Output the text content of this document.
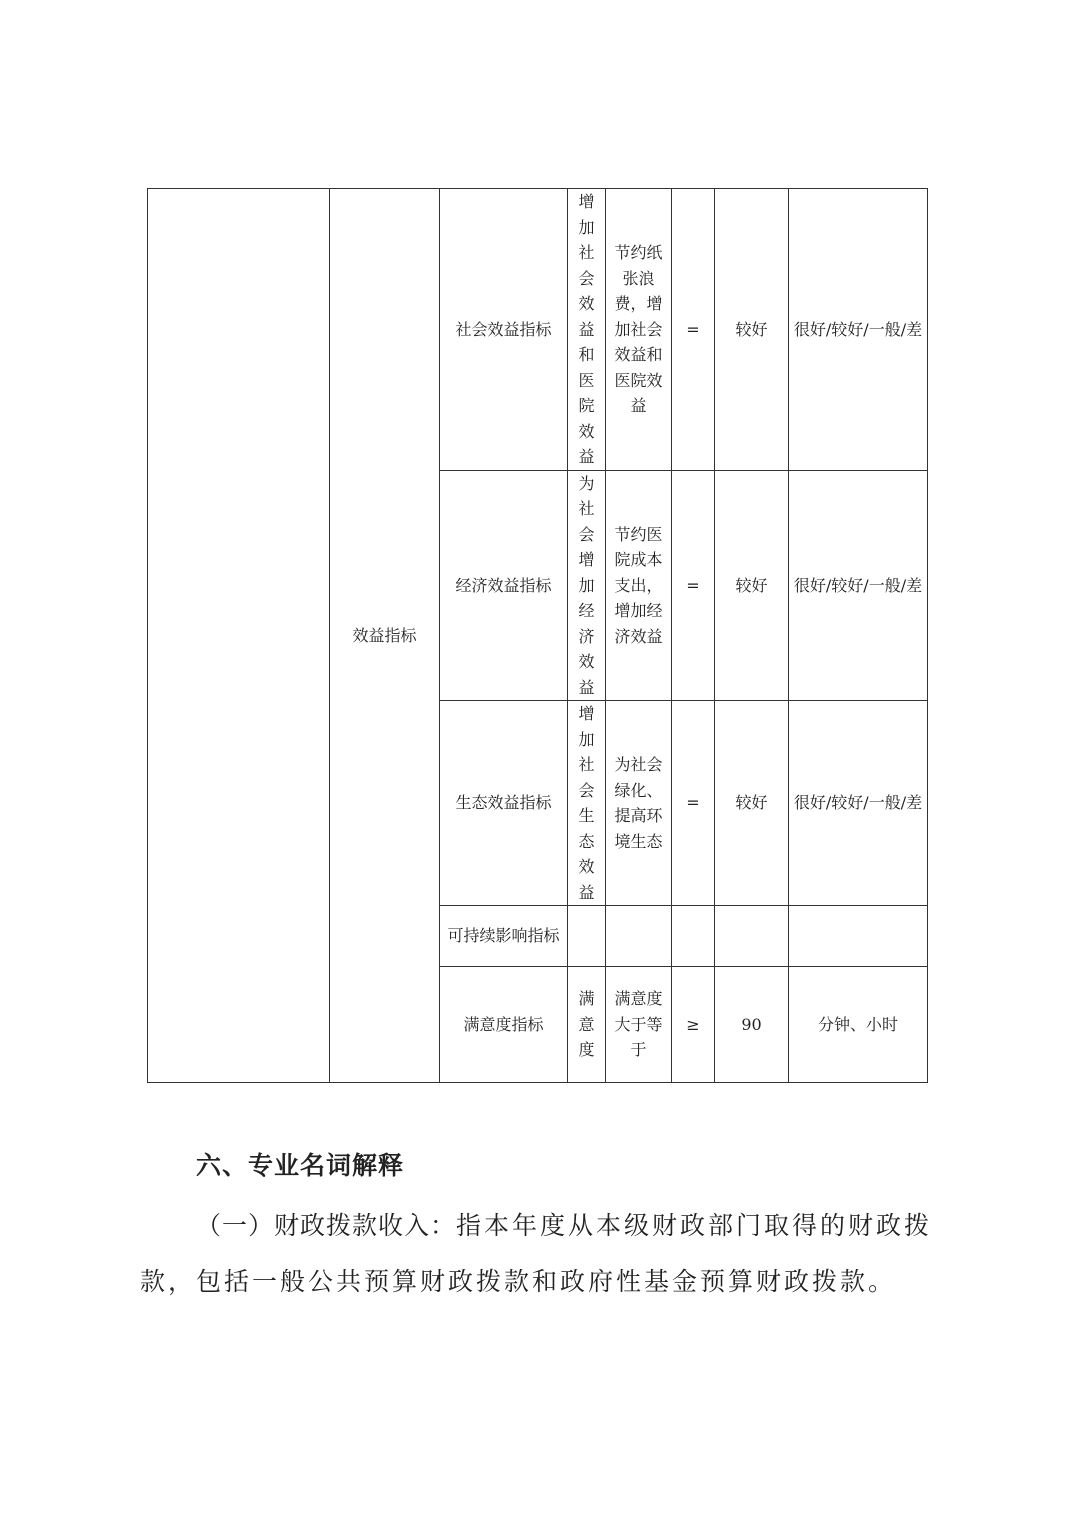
	效益指标	社会效益指标	增加社会效益和医院效益	节约纸张浪费，增加社会效益和医院效益	=	较好	很好/较好/一般/差
		经济效益指标	为社会增加经济效益	节约医院成本支出，增加经济效益	=	较好	很好/较好/一般/差
		生态效益指标	增加社会生态效益	为社会绿化、提高环境生态	=	较好	很好/较好/一般/差
		可持续影响指标					
		满意度指标	满意度	满意度大于等于	≥	90	分钟、小时
六、专业名词解释

（一）财政拨款收入：指本年度从本级财政部门取得的财政拨款，包括一般公共预算财政拨款和政府性基金预算财政拨款。
